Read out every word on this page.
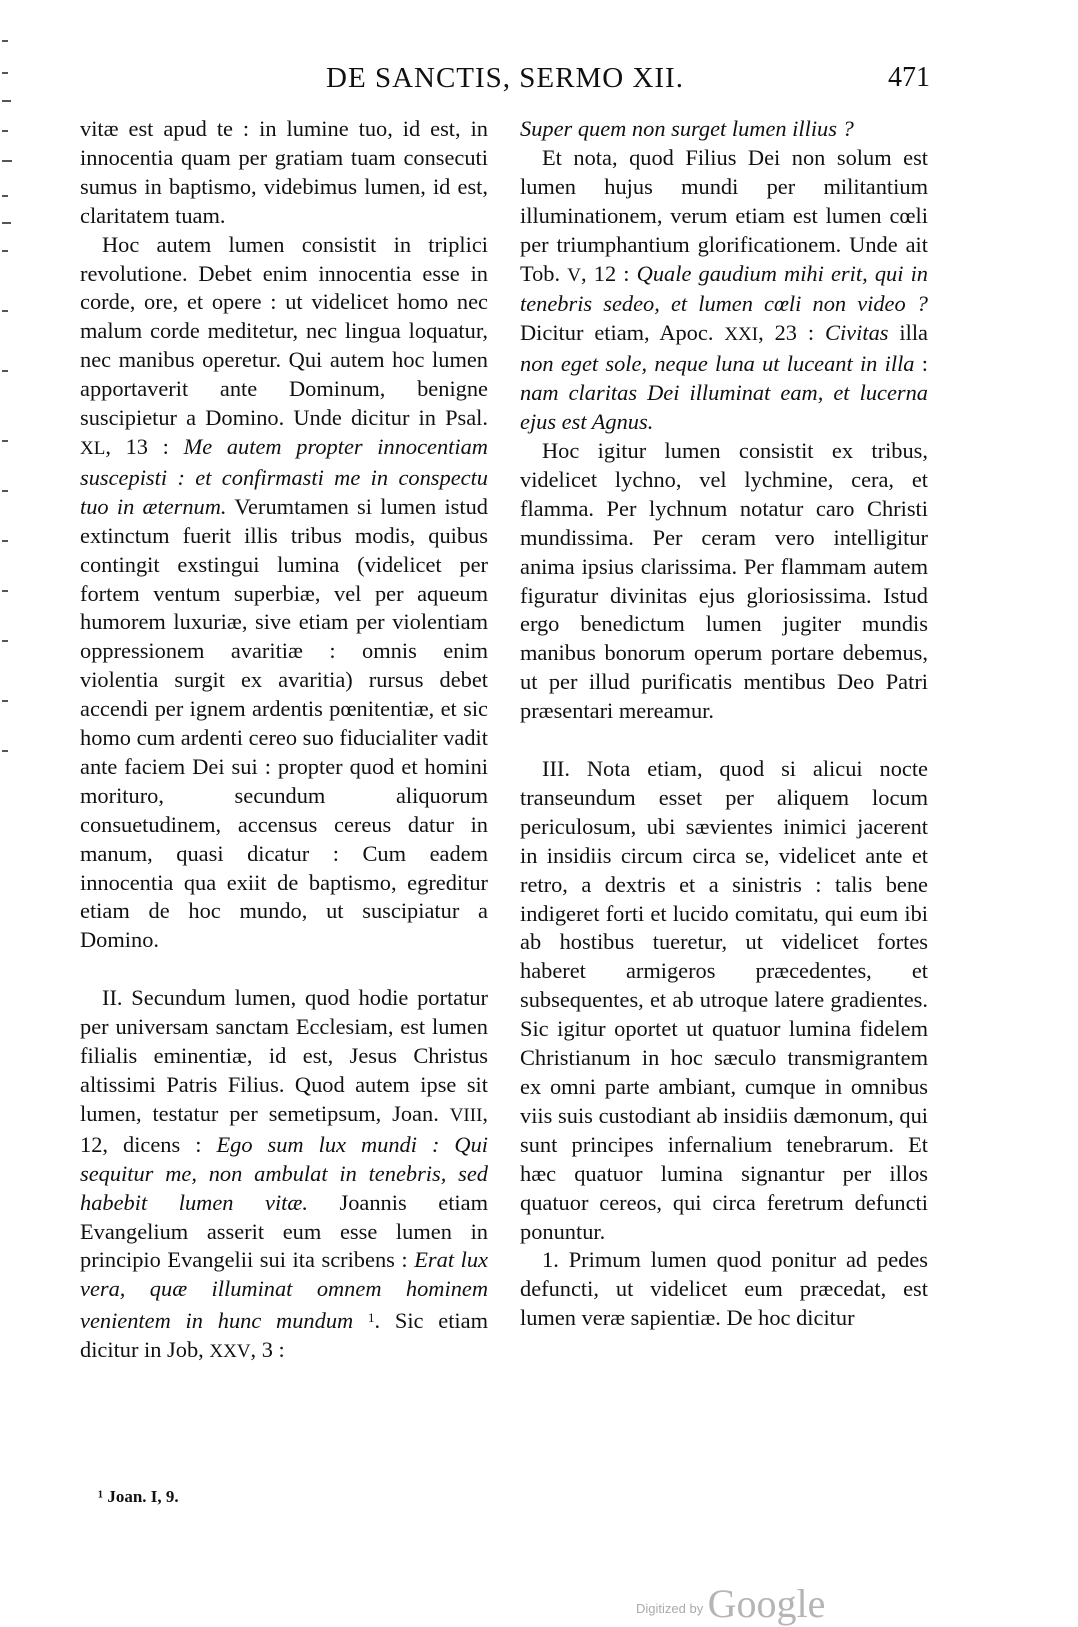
DE SANCTIS, SERMO XII.	471

vitæ est apud te : in lumine tuo, id est, in innocentia quam per gratiam tuam consecuti sumus in baptismo, videbimus lumen, id est, claritatem tuam.

Hoc autem lumen consistit in triplici revolutione. Debet enim innocentia esse in corde, ore, et opere : ut videlicet homo nec malum corde meditetur, nec lingua loquatur, nec manibus operetur. Qui autem hoc lumen apportaverit ante Dominum, benigne suscipietur a Domino. Unde dicitur in Psal. XL, 13 : Me autem propter innocentiam suscepisti : et confirmasti me in conspectu tuo in æternum. Verumtamen si lumen istud extinctum fuerit illis tribus modis, quibus contingit exstingui lumina (videlicet per fortem ventum superbiæ, vel per aqueum humorem luxuriæ, sive etiam per violentiam oppressionem avaritiæ : omnis enim violentia surgit ex avaritia) rursus debet accendi per ignem ardentis pœnitentiæ, et sic homo cum ardenti cereo suo fiducialiter vadit ante faciem Dei sui : propter quod et homini morituro, secundum aliquorum consuetudinem, accensus cereus datur in manum, quasi dicatur : Cum eadem innocentia qua exiit de baptismo, egreditur etiam de hoc mundo, ut suscipiatur a Domino.

II. Secundum lumen, quod hodie portatur per universam sanctam Ecclesiam, est lumen filialis eminentiæ, id est, Jesus Christus altissimi Patris Filius. Quod autem ipse sit lumen, testatur per semetipsum, Joan. VIII, 12, dicens : Ego sum lux mundi : Qui sequitur me, non ambulat in tenebris, sed habebit lumen vitæ. Joannis etiam Evangelium asserit eum esse lumen in principio Evangelii sui ita scribens : Erat lux vera, quæ illuminat omnem hominem venientem in hunc mundum $^1$. Sic etiam dicitur in Job, XXV, 3 :

Super quem non surget lumen illius ?

Et nota, quod Filius Dei non solum est lumen hujus mundi per militantium illuminationem, verum etiam est lumen cœli per triumphantium glorificationem. Unde ait Tob. V, 12 : Quale gaudium mihi erit, qui in tenebris sedeo, et lumen cœli non video ? Dicitur etiam, Apoc. XXI, 23 : Civitas illa non eget sole, neque luna ut luceant in illa : nam claritas Dei illuminat eam, et lucerna ejus est Agnus.

Hoc igitur lumen consistit ex tribus, videlicet lychno, vel lychmine, cera, et flamma. Per lychnum notatur caro Christi mundissima. Per ceram vero intelligitur anima ipsius clarissima. Per flammam autem figuratur divinitas ejus gloriosissima. Istud ergo benedictum lumen jugiter mundis manibus bonorum operum portare debemus, ut per illud purificatis mentibus Deo Patri præsentari mereamur.

III. Nota etiam, quod si alicui nocte transeundum esset per aliquem locum periculosum, ubi sævientes inimici jacerent in insidiis circum circa se, videlicet ante et retro, a dextris et a sinistris : talis bene indigeret forti et lucido comitatu, qui eum ibi ab hostibus tueretur, ut videlicet fortes haberet armigeros præcedentes, et subsequentes, et ab utroque latere gradientes. Sic igitur oportet ut quatuor lumina fidelem Christianum in hoc sæculo transmigrantem ex omni parte ambiant, cumque in omnibus viis suis custodiant ab insidiis dæmonum, qui sunt principes infernalium tenebrarum. Et hæc quatuor lumina signantur per illos quatuor cereos, qui circa feretrum defuncti ponuntur.

1. Primum lumen quod ponitur ad pedes defuncti, ut videlicet eum præcedat, est lumen veræ sapientiæ. De hoc dicitur

¹ Joan. I, 9.
$^{Digitized by}$ Google
